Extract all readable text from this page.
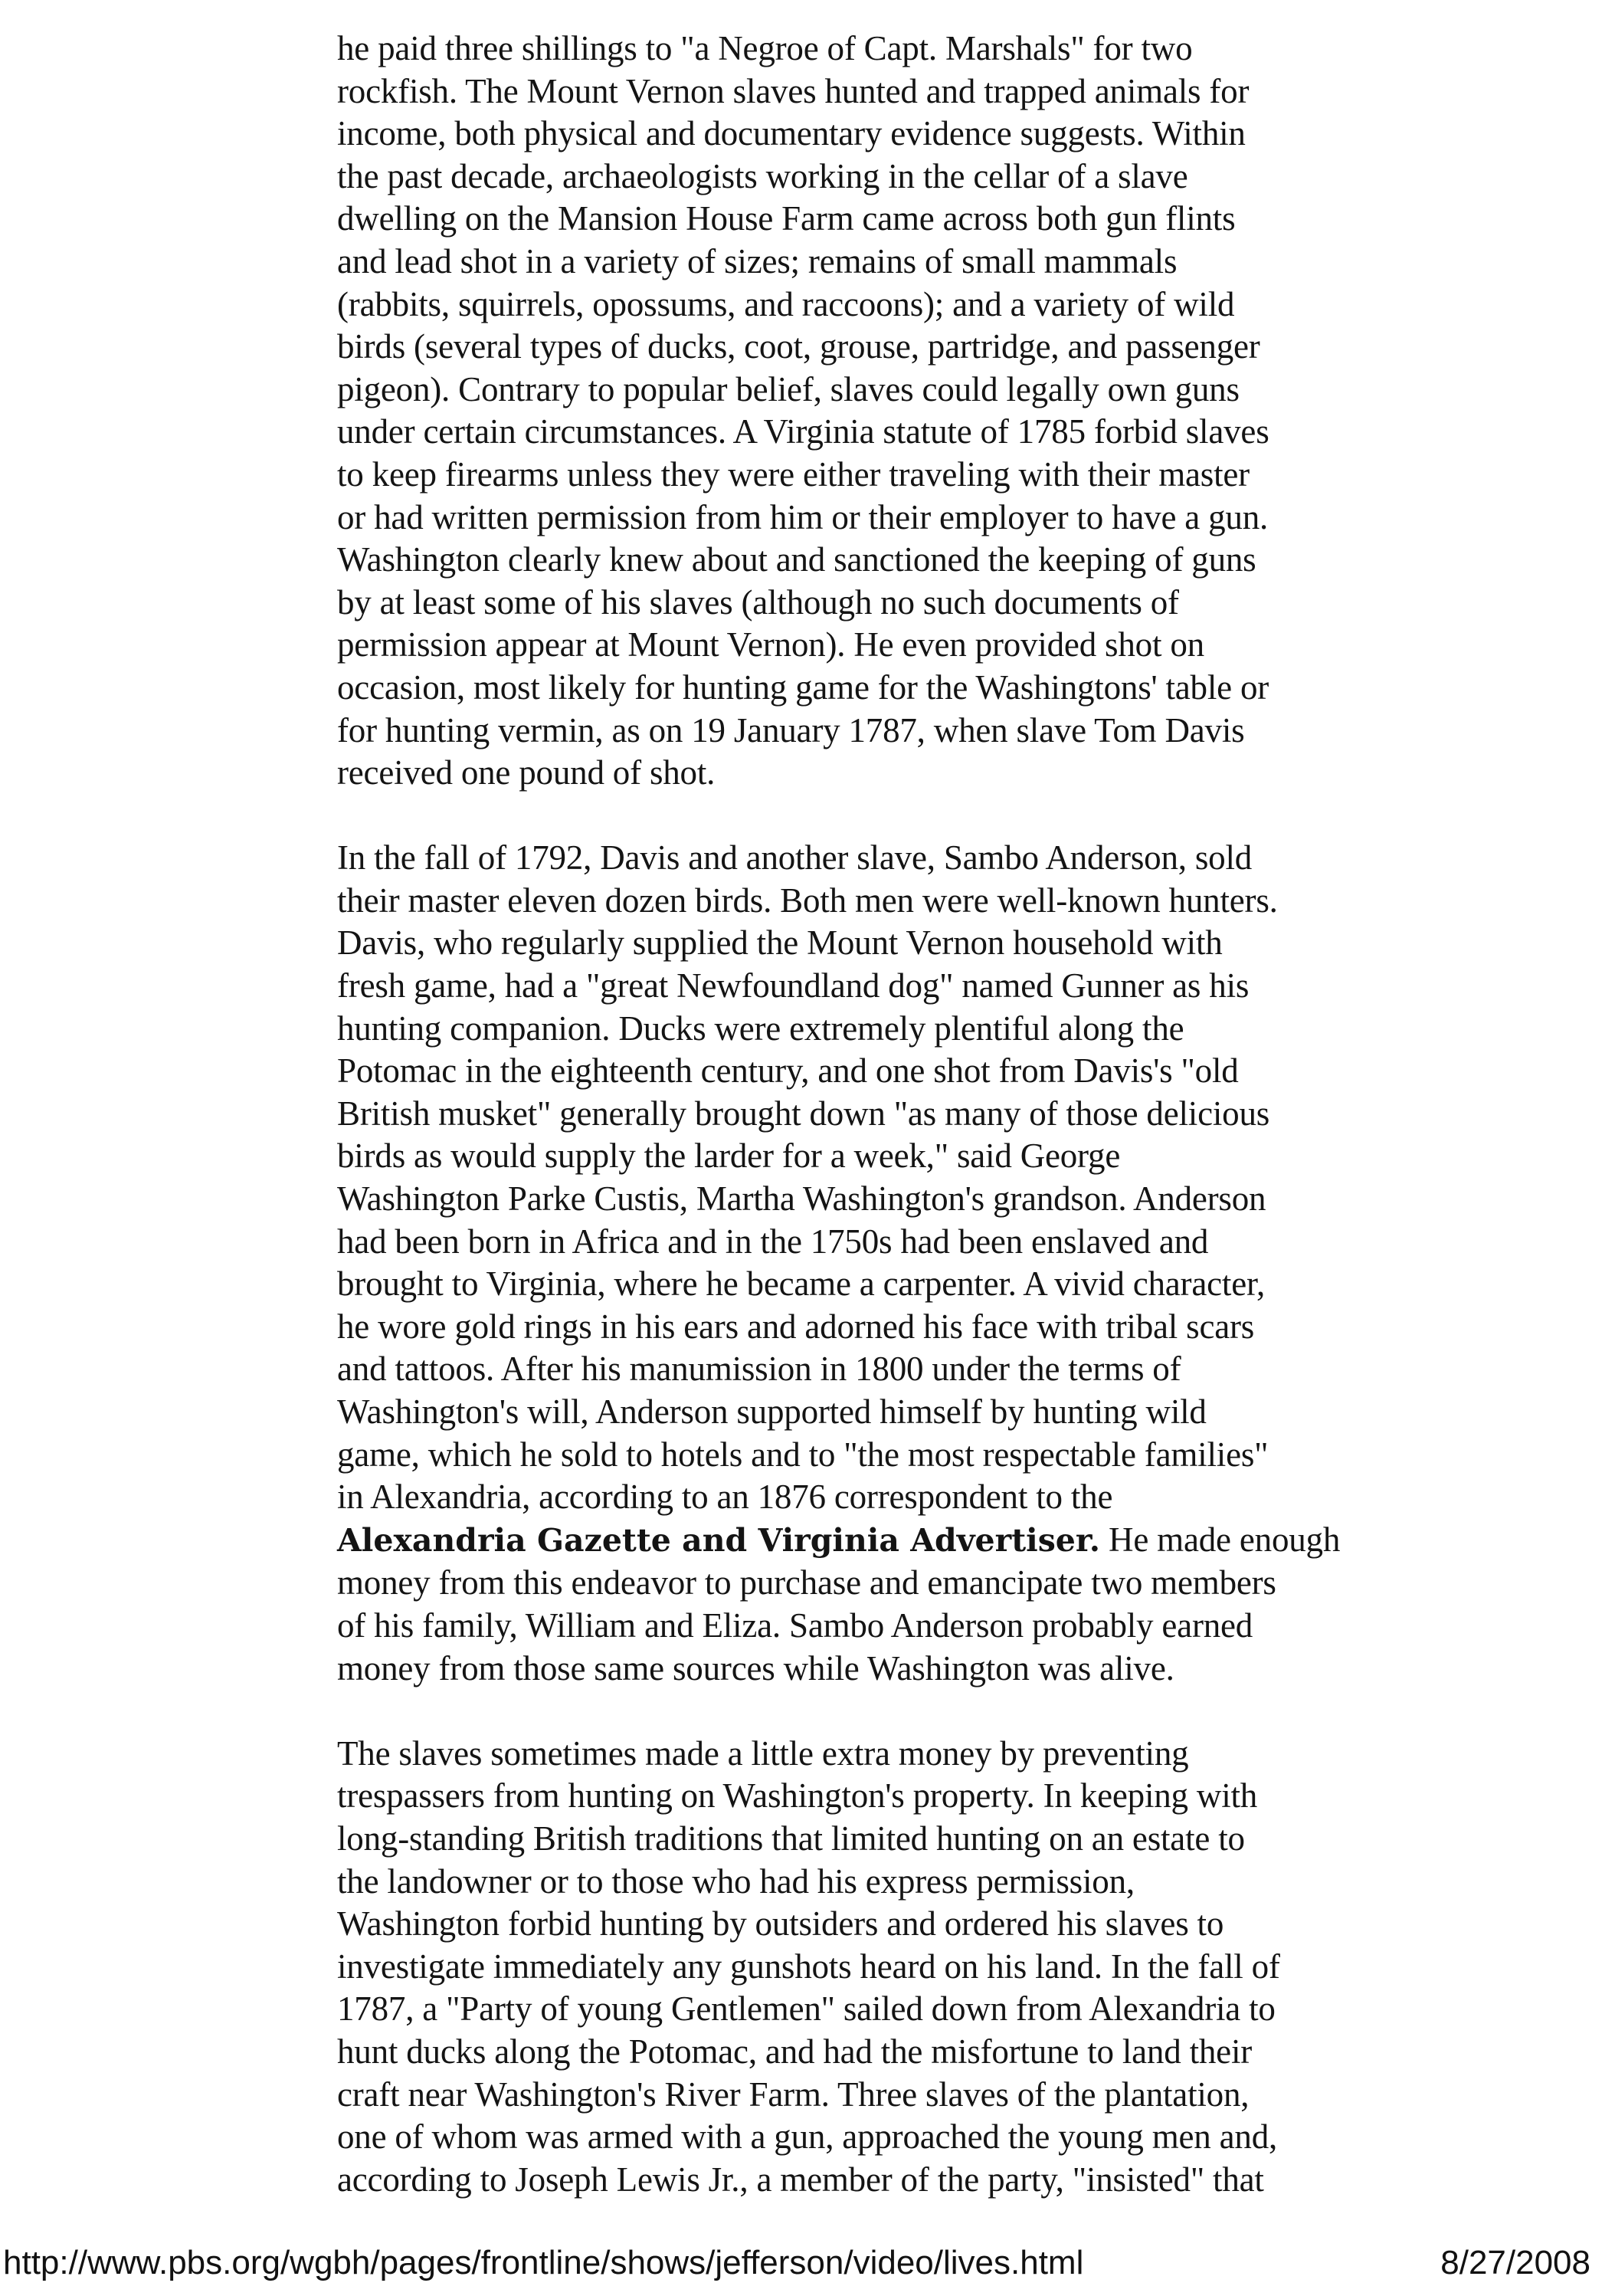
he paid three shillings to "a Negroe of Capt. Marshals" for two
rockfish. The Mount Vernon slaves hunted and trapped animals for
income, both physical and documentary evidence suggests. Within
the past decade, archaeologists working in the cellar of a slave
dwelling on the Mansion House Farm came across both gun flints
and lead shot in a variety of sizes; remains of small mammals
(rabbits, squirrels, opossums, and raccoons); and a variety of wild
birds (several types of ducks, coot, grouse, partridge, and passenger
pigeon). Contrary to popular belief, slaves could legally own guns
under certain circumstances. A Virginia statute of 1785 forbid slaves
to keep firearms unless they were either traveling with their master
or had written permission from him or their employer to have a gun.
Washington clearly knew about and sanctioned the keeping of guns
by at least some of his slaves (although no such documents of
permission appear at Mount Vernon). He even provided shot on
occasion, most likely for hunting game for the Washingtons' table or
for hunting vermin, as on 19 January 1787, when slave Tom Davis
received one pound of shot.

In the fall of 1792, Davis and another slave, Sambo Anderson, sold
their master eleven dozen birds. Both men were well-known hunters.
Davis, who regularly supplied the Mount Vernon household with
fresh game, had a "great Newfoundland dog" named Gunner as his
hunting companion. Ducks were extremely plentiful along the
Potomac in the eighteenth century, and one shot from Davis's "old
British musket" generally brought down "as many of those delicious
birds as would supply the larder for a week," said George
Washington Parke Custis, Martha Washington's grandson. Anderson
had been born in Africa and in the 1750s had been enslaved and
brought to Virginia, where he became a carpenter. A vivid character,
he wore gold rings in his ears and adorned his face with tribal scars
and tattoos. After his manumission in 1800 under the terms of
Washington's will, Anderson supported himself by hunting wild
game, which he sold to hotels and to "the most respectable families"
in Alexandria, according to an 1876 correspondent to the
Alexandria Gazette and Virginia Advertiser. He made enough
money from this endeavor to purchase and emancipate two members
of his family, William and Eliza. Sambo Anderson probably earned
money from those same sources while Washington was alive.

The slaves sometimes made a little extra money by preventing
trespassers from hunting on Washington's property. In keeping with
long-standing British traditions that limited hunting on an estate to
the landowner or to those who had his express permission,
Washington forbid hunting by outsiders and ordered his slaves to
investigate immediately any gunshots heard on his land. In the fall of
1787, a "Party of young Gentlemen" sailed down from Alexandria to
hunt ducks along the Potomac, and had the misfortune to land their
craft near Washington's River Farm. Three slaves of the plantation,
one of whom was armed with a gun, approached the young men and,
according to Joseph Lewis Jr., a member of the party, "insisted" that

http://www.pbs.org/wgbh/pages/frontline/shows/jefferson/video/lives.html	8/27/2008
